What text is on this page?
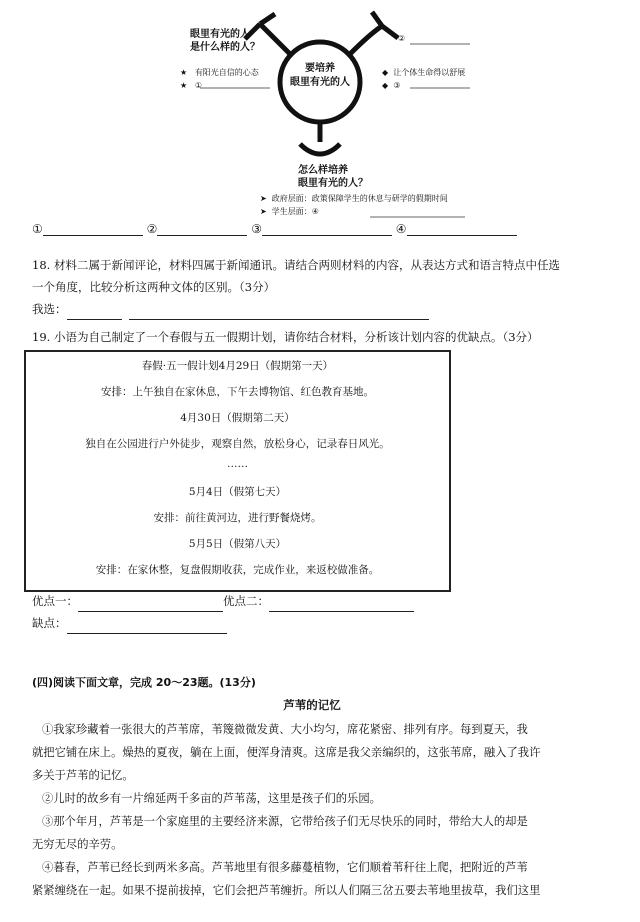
要培养
眼里有光的人
眼里有光的人
是什么样的人？
★ 有阳光自信的心态
★ ①
②
◆ 让个体生命得以舒展
◆ ③
怎么样培养
眼里有光的人？
➤ 政府层面：政策保障学生的休息与研学的假期时间
➤ 学生层面：④
①	②	③	④
18. 材料二属于新闻评论，材料四属于新闻通讯。请结合两则材料的内容，从表达方式和语言特点中任选
一个角度，比较分析这两种文体的区别。（3分）
我选：
19. 小语为自己制定了一个春假与五一假期计划，请你结合材料，分析该计划内容的优缺点。（3分）
春假·五一假计划4月29日（假期第一天）
安排：上午独自在家休息，下午去博物馆、红色教育基地。
4月30日（假期第二天）
独自在公园进行户外徒步，观察自然，放松身心，记录春日风光。
……
5月4日（假第七天）
安排：前往黄河边，进行野餐烧烤。
5月5日（假第八天）
安排：在家休整，复盘假期收获，完成作业，来返校做准备。
优点一：	优点二：
缺点：
(四)阅读下面文章，完成 20～23题。(13分)
芦苇的记忆
①我家珍藏着一张很大的芦苇席，苇篾微微发黄、大小均匀，席花紧密、排列有序。每到夏天，我
就把它铺在床上。燥热的夏夜，躺在上面，便浑身清爽。这席是我父亲编织的，这张苇席，融入了我许
多关于芦苇的记忆。
②儿时的故乡有一片绵延两千多亩的芦苇荡，这里是孩子们的乐园。
③那个年月，芦苇是一个家庭里的主要经济来源，它带给孩子们无尽快乐的同时，带给大人的却是
无穷无尽的辛劳。
④暮春，芦苇已经长到两米多高。芦苇地里有很多藤蔓植物，它们顺着苇秆往上爬，把附近的芦苇
紧紧缠绕在一起。如果不提前拔掉，它们会把芦苇缠折。所以人们隔三岔五要去苇地里拔草，我们这里
